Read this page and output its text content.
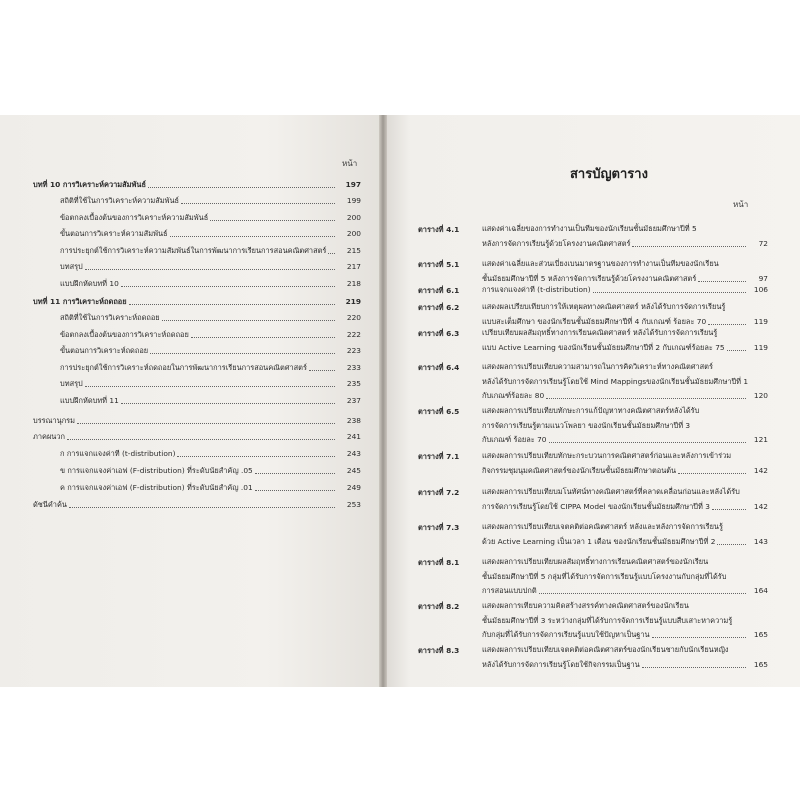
หน้า
บทที่ 10 การวิเคราะห์ความสัมพันธ์	197
สถิติที่ใช้ในการวิเคราะห์ความสัมพันธ์	199
ข้อตกลงเบื้องต้นของการวิเคราะห์ความสัมพันธ์	200
ขั้นตอนการวิเคราะห์ความสัมพันธ์	200
การประยุกต์ใช้การวิเคราะห์ความสัมพันธ์ในการพัฒนาการเรียนการสอนคณิตศาสตร์	215
บทสรุป	217
แบบฝึกหัดบทที่ 10	218
บทที่ 11 การวิเคราะห์ถดถอย	219
สถิติที่ใช้ในการวิเคราะห์ถดถอย	220
ข้อตกลงเบื้องต้นของการวิเคราะห์ถดถอย	222
ขั้นตอนการวิเคราะห์ถดถอย	223
การประยุกต์ใช้การวิเคราะห์ถดถอยในการพัฒนาการเรียนการสอนคณิตศาสตร์	233
บทสรุป	235
แบบฝึกหัดบทที่ 11	237
บรรณานุกรม	238
ภาคผนวก	241
ก การแจกแจงค่าที (t-distribution)	243
ข การแจกแจงค่าเอฟ (F-distribution) ที่ระดับนัยสำคัญ .05	245
ค การแจกแจงค่าเอฟ (F-distribution) ที่ระดับนัยสำคัญ .01	249
ดัชนีคำค้น	253
สารบัญตาราง
หน้า
ตารางที่ 4.1	แสดงค่าเฉลี่ยของการทำงานเป็นทีมของนักเรียนชั้นมัธยมศึกษาปีที่ 5
หลังการจัดการเรียนรู้ด้วยโครงงานคณิตศาสตร์	72
ตารางที่ 5.1	แสดงค่าเฉลี่ยและส่วนเบี่ยงเบนมาตรฐานของการทำงานเป็นทีมของนักเรียน
ชั้นมัธยมศึกษาปีที่ 5 หลังการจัดการเรียนรู้ด้วยโครงงานคณิตศาสตร์	97
ตารางที่ 6.1	การแจกแจงค่าที (t-distribution)	106
ตารางที่ 6.2	แสดงผลเปรียบเทียบการให้เหตุผลทางคณิตศาสตร์ หลังได้รับการจัดการเรียนรู้
แบบสะเต็มศึกษา ของนักเรียนชั้นมัธยมศึกษาปีที่ 4 กับเกณฑ์ ร้อยละ 70	119
ตารางที่ 6.3	เปรียบเทียบผลสัมฤทธิ์ทางการเรียนคณิตศาสตร์ หลังได้รับการจัดการเรียนรู้
แบบ Active Learning ของนักเรียนชั้นมัธยมศึกษาปีที่ 2 กับเกณฑ์ร้อยละ 75	119
ตารางที่ 6.4	แสดงผลการเปรียบเทียบความสามารถในการคิดวิเคราะห์ทางคณิตศาสตร์
หลังได้รับการจัดการเรียนรู้โดยใช้ Mind Mappingsของนักเรียนชั้นมัธยมศึกษาปีที่ 1
กับเกณฑ์ร้อยละ 80	120
ตารางที่ 6.5	แสดงผลการเปรียบเทียบทักษะการแก้ปัญหาทางคณิตศาสตร์หลังได้รับ
การจัดการเรียนรู้ตามแนวโพลยา ของนักเรียนชั้นมัธยมศึกษาปีที่ 3
กับเกณฑ์ ร้อยละ 70	121
ตารางที่ 7.1	แสดงผลการเปรียบเทียบทักษะกระบวนการคณิตศาสตร์ก่อนและหลังการเข้าร่วม
กิจกรรมชุมนุมคณิตศาสตร์ของนักเรียนชั้นมัธยมศึกษาตอนต้น	142
ตารางที่ 7.2	แสดงผลการเปรียบเทียบมโนทัศน์ทางคณิตศาสตร์ที่คลาดเคลื่อนก่อนและหลังได้รับ
การจัดการเรียนรู้โดยใช้ CIPPA Model ของนักเรียนชั้นมัธยมศึกษาปีที่ 3	142
ตารางที่ 7.3	แสดงผลการเปรียบเทียบเจตคติต่อคณิตศาสตร์ หลังและหลังการจัดการเรียนรู้
ด้วย Active Learning เป็นเวลา 1 เดือน ของนักเรียนชั้นมัธยมศึกษาปีที่ 2	143
ตารางที่ 8.1	แสดงผลการเปรียบเทียบผลสัมฤทธิ์ทางการเรียนคณิตศาสตร์ของนักเรียน
ชั้นมัธยมศึกษาปีที่ 5 กลุ่มที่ได้รับการจัดการเรียนรู้แบบโครงงานกับกลุ่มที่ได้รับ
การสอนแบบปกติ	164
ตารางที่ 8.2	แสดงผลการเทียบความคิดสร้างสรรค์ทางคณิตศาสตร์ของนักเรียน
ชั้นมัธยมศึกษาปีที่ 3 ระหว่างกลุ่มที่ได้รับการจัดการเรียนรู้แบบสืบเสาะหาความรู้
กับกลุ่มที่ได้รับการจัดการเรียนรู้แบบใช้ปัญหาเป็นฐาน	165
ตารางที่ 8.3	แสดงผลการเปรียบเทียบเจตคติต่อคณิตศาสตร์ของนักเรียนชายกับนักเรียนหญิง
หลังได้รับการจัดการเรียนรู้โดยใช้กิจกรรมเป็นฐาน	165
